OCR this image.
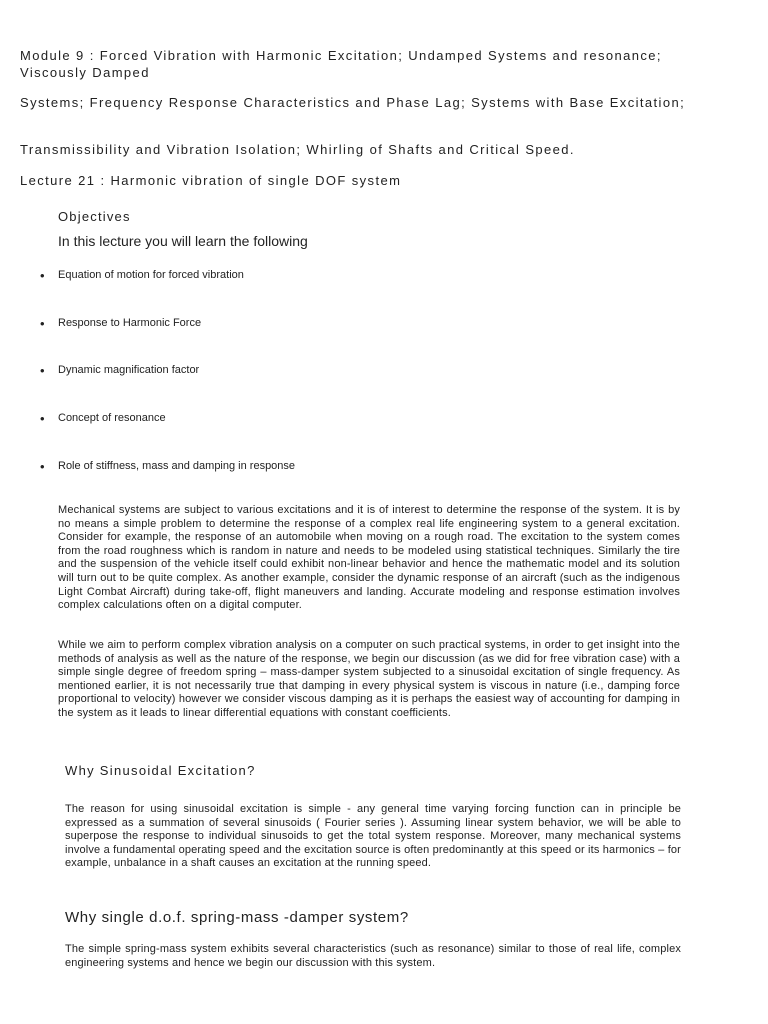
Module 9 : Forced Vibration with Harmonic Excitation; Undamped Systems and resonance;
Viscously Damped
Systems; Frequency Response Characteristics and Phase Lag; Systems with Base Excitation;
Transmissibility and Vibration Isolation; Whirling of Shafts and Critical Speed.
Lecture 21 : Harmonic vibration of single DOF system
Objectives
In this lecture you will learn the following
• Equation of motion for forced vibration
• Response to Harmonic Force
• Dynamic magnification factor
• Concept of resonance
• Role of stiffness, mass and damping in response

Mechanical systems are subject to various excitations and it is of interest to determine the response of the system. It is by no means a simple problem to determine the response of a complex real life engineering system to a general excitation. Consider for example, the response of an automobile when moving on a rough road. The excitation to the system comes from the road roughness which is random in nature and needs to be modeled using statistical techniques. Similarly the tire and the suspension of the vehicle itself could exhibit non-linear behavior and hence the mathematic model and its solution will turn out to be quite complex. As another example, consider the dynamic response of an aircraft (such as the indigenous Light Combat Aircraft) during take-off, flight maneuvers and landing. Accurate modeling and response estimation involves complex calculations often on a digital computer.

While we aim to perform complex vibration analysis on a computer on such practical systems, in order to get insight into the methods of analysis as well as the nature of the response, we begin our discussion (as we did for free vibration case) with a simple single degree of freedom spring – mass-damper system subjected to a sinusoidal excitation of single frequency. As mentioned earlier, it is not necessarily true that damping in every physical system is viscous in nature (i.e., damping force proportional to velocity) however we consider viscous damping as it is perhaps the easiest way of accounting for damping in the system as it leads to linear differential equations with constant coefficients.

Why Sinusoidal Excitation?

The reason for using sinusoidal excitation is simple - any general time varying forcing function can in principle be expressed as a summation of several sinusoids ( Fourier series ). Assuming linear system behavior, we will be able to superpose the response to individual sinusoids to get the total system response. Moreover, many mechanical systems involve a fundamental operating speed and the excitation source is often predominantly at this speed or its harmonics – for example, unbalance in a shaft causes an excitation at the running speed.

Why single d.o.f. spring-mass -damper system?

The simple spring-mass system exhibits several characteristics (such as resonance) similar to those of real life, complex engineering systems and hence we begin our discussion with this system.
